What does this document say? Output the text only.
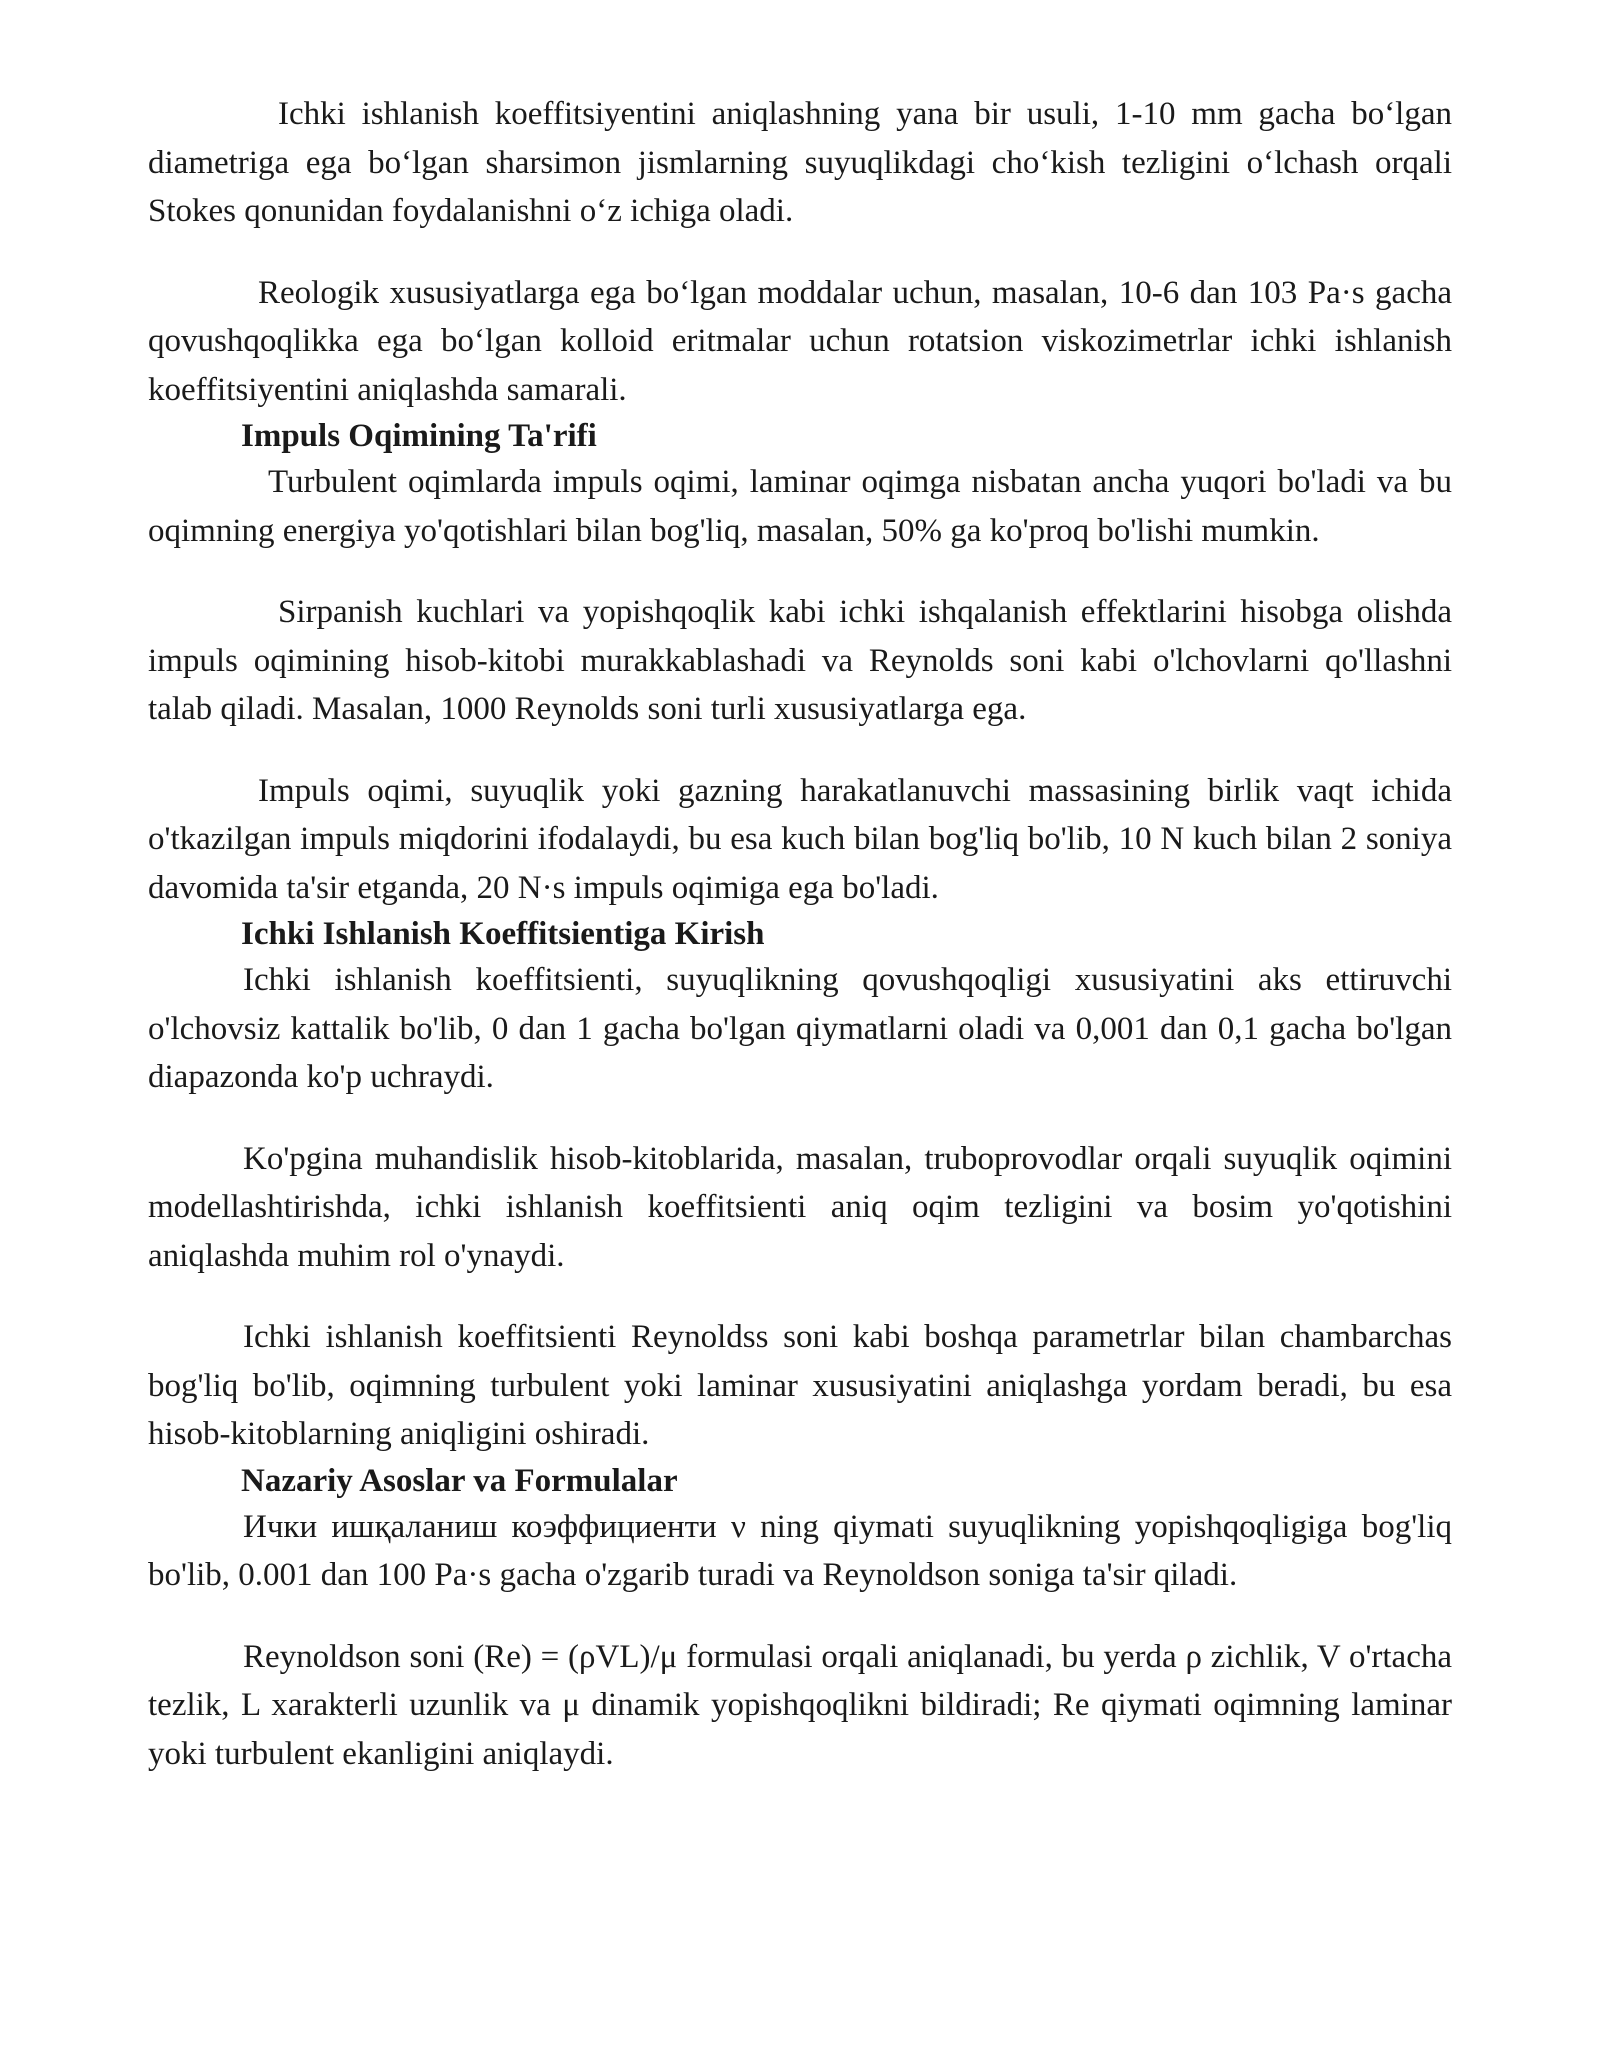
Ichki ishlanish koeffitsiyentini aniqlashning yana bir usuli, 1-10 mm gacha bo‘lgan diametriga ega bo‘lgan sharsimon jismlarning suyuqlikdagi cho‘kish tezligini o‘lchash orqali Stokes qonunidan foydalanishni o‘z ichiga oladi.

Reologik xususiyatlarga ega bo‘lgan moddalar uchun, masalan, 10-6 dan 103 Pa·s gacha qovushqoqlikka ega bo‘lgan kolloid eritmalar uchun rotatsion viskozimetrlar ichki ishlanish koeffitsiyentini aniqlashda samarali.

Impuls Oqimining Ta'rifi

Turbulent oqimlarda impuls oqimi, laminar oqimga nisbatan ancha yuqori bo'ladi va bu oqimning energiya yo'qotishlari bilan bog'liq, masalan, 50% ga ko'proq bo'lishi mumkin.

Sirpanish kuchlari va yopishqoqlik kabi ichki ishqalanish effektlarini hisobga olishda impuls oqimining hisob-kitobi murakkablashadi va Reynolds soni kabi o'lchovlarni qo'llashni talab qiladi. Masalan, 1000 Reynolds soni turli xususiyatlarga ega.

Impuls oqimi, suyuqlik yoki gazning harakatlanuvchi massasining birlik vaqt ichida o'tkazilgan impuls miqdorini ifodalaydi, bu esa kuch bilan bog'liq bo'lib, 10 N kuch bilan 2 soniya davomida ta'sir etganda, 20 N·s impuls oqimiga ega bo'ladi.

Ichki Ishlanish Koeffitsientiga Kirish

Ichki ishlanish koeffitsienti, suyuqlikning qovushqoqligi xususiyatini aks ettiruvchi o'lchovsiz kattalik bo'lib, 0 dan 1 gacha bo'lgan qiymatlarni oladi va 0,001 dan 0,1 gacha bo'lgan diapazonda ko'p uchraydi.

Ko'pgina muhandislik hisob-kitoblarida, masalan, truboprovodlar orqali suyuqlik oqimini modellashtirishda, ichki ishlanish koeffitsienti aniq oqim tezligini va bosim yo'qotishini aniqlashda muhim rol o'ynaydi.

Ichki ishlanish koeffitsienti Reynoldss soni kabi boshqa parametrlar bilan chambarchas bog'liq bo'lib, oqimning turbulent yoki laminar xususiyatini aniqlashga yordam beradi, bu esa hisob-kitoblarning aniqligini oshiradi.

Nazariy Asoslar va Formulalar

Ички ишқаланиш коэффициенти ν ning qiymati suyuqlikning yopishqoqligiga bog'liq bo'lib, 0.001 dan 100 Pa·s gacha o'zgarib turadi va Reynoldson soniga ta'sir qiladi.

Reynoldson soni (Re) = (ρVL)/μ formulasi orqali aniqlanadi, bu yerda ρ zichlik, V o'rtacha tezlik, L xarakterli uzunlik va μ dinamik yopishqoqlikni bildiradi; Re qiymati oqimning laminar yoki turbulent ekanligini aniqlaydi.
